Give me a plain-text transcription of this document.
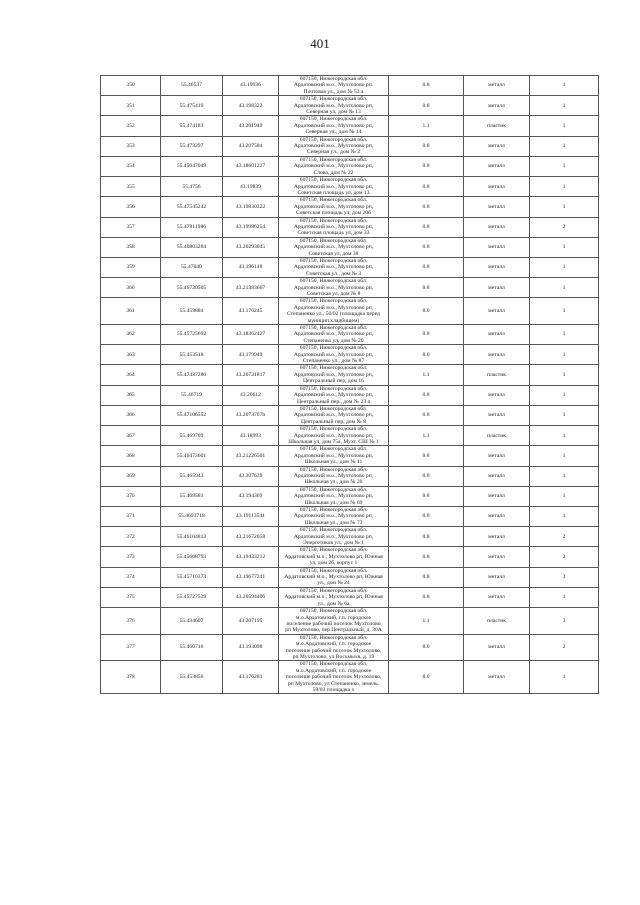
401
350	55.46537	43.19936	607150, Нижегородская обл.
Ардатовский м.о., Мухтолово рп.
Почтовая ул., дом № 53 а	0.8	металл	1
351	55.475419	43.198322	607150, Нижегородская обл.
Ардатовский м.о., Мухтолово рп,
Северная ул, дом № 13	0.8	металл	1
352	55.474183	43.201949	607150, Нижегородская обл.
Ардатовский м.о., Мухтолово рп,
Северная ул., дом № 14	1.1	пластик	1
353	55.473297	43.207584	607150, Нижегородская обл.
Ардатовский м.о., Мухтолово рп,
Северная ул., дом № 2	0.8	металл	1
354	55.45647049	43.18601227	607150, Нижегородская обл.
Ардатовский м.о., Мухтолово рп,
Слова, дом № 22	0.8	металл	1
355	55.4756	43.19839	607150, Нижегородская обл.
Ардатовский м.о., Мухтолово рп,
Советская площадь ул, дом 13	0.8	металл	1
356	55.47545242	43.19830322	607150, Нижегородская обл.
Ардатовский м.о., Мухтолово рп,
Советская площадь ул, дом 20б	0.8	металл	1
357	55.47811986	43.19986254	607150, Нижегородская обл.
Ардатовский м.о., Мухтолово рп,
Советская площадь ул, дом 33	0.8	металл	2
358	55.40803284	43.20293045	607150, Нижегородская обл.
Ардатовский м.о., Мухтолово рп,
Советская ул, дом 38	0.8	металл	1
359	55.47040	43.196148	607150, Нижегородская обл.
Ардатовский м.о., Мухтолово рп,
Советская ул., дом № 3	0.8	металл	1
360	55.46720505	43.21383667	607150, Нижегородская обл.
Ардатовский м.о., Мухтолово рп,
Советская ул, дом № 8	0.8	металл	1
361	55.453884	43.176245	607150, Нижегородская обл.
Ардатовский м.о., Мухтолово рп,
Степаненко ул., 50/02 (площадка перед
муницип.кладбищем)	8.0	металл	1
362	55.45725692	43.18362427	607150, Нижегородская обл.
Ардатовский м.о., Мухтолово рп,
Степаненко ул, дом № 20	0.8	металл	1
363	55.453518	43.179949	607150, Нижегородская обл.
Ардатовский м.о., Мухтолово рп,
Степаненко ул., дом № 87	8.0	металл	1
364	55.47437286	43.20721817	607150, Нижегородская обл.
Ардатовский м.о., Мухтолово рп,
Центральный пер, дом 16	1.1	пластик	1
365	55.46719	43.20612	607150, Нижегородская обл.
Ардатовский м.о., Мухтолово рп,
Центральный пер., дом № 23 а	0.8	металл	1
366	55.47106552	43.2073707b	607150, Нижегородская обл.
Ардатовский м.о., Мухтолово рп,
Центральный пер, дом № 8	0.8	металл	1
367	55.469709	43.18993	607150, Нижегородская обл.
Ардатовский м.о., Мухтолово рп,
Школьная ул, дом 75а, Мухт. СШ № 1	1.1	пластик	1
368	55.46473601	43.21226501	607150, Нижегородская обл.
Ардатовский м.о., Мухтолово рп,
Школьная ул., дом № 11	0.8	металл	1
369	55.465943	43.207639	607150, Нижегородская обл.
Ардатовский м.о., Мухтолово рп,
Школьная ул., дом № 20	0.8	металл	1
370	55.468581	43.194369	607150, Нижегородская обл.
Ардатовский м.о., Мухтолово рп,
Школьная ул., дом № 69	0.8	металл	1
371	55.4693718	43.19113541	607150, Нижегородская обл.
Ардатовский м.о., Мухтолово рп,
Школьная ул., дом № 73	0.8	металл	1
372	55.46104813	43.21672058	607150, Нижегородская обл.
Ардатовский м.о., Мухтолово рп,
Энергетиков ул., дом № 1	0.8	металл	2
373	55.45668793	43.19433212	607150, Нижегородская обл.
Ардатовский м.о., Мухтолово рп, Южная
ул, дом 2б, корпус 1	0.8	металл	2
374	55.45710373	43.19677241	607150, Нижегородская обл.
Ардатовский м.о., Мухтолово рп, Южная
ул., дом № 24	0.8	металл	3
375	55.45727539	43.20594406	607150, Нижегородская обл.
Ардатовский м.о., Мухтолово рп, Южная
ул., дом № 6а	0.8	металл	1
376	55.434607	43.207195	607150, Нижегородская обл.
м.о.Ардатовский, г.п. городское
поселение рабочий поселок Мухтолово
рп Мухтолово, пер Центральный, д. 30А	1.1	пластик	3
377	55.460716	43.193098	607150, Нижегородская обл.
м.о.Ардатовский, г.п. городское
поселение рабочий поселок Мухтолово,
рп Мухтолово, ул Восьмыхв, д. 19	8.0	металл	2
378	55.453856	43.176281	607150, Нижегородская обл.
м.о.Ардатовский, г.п. городское
поселение рабочий поселок Мухтолово,
рп Мухтолово, ул Степаненко, земель.
50/03 площадка х	8.0	металл	1
